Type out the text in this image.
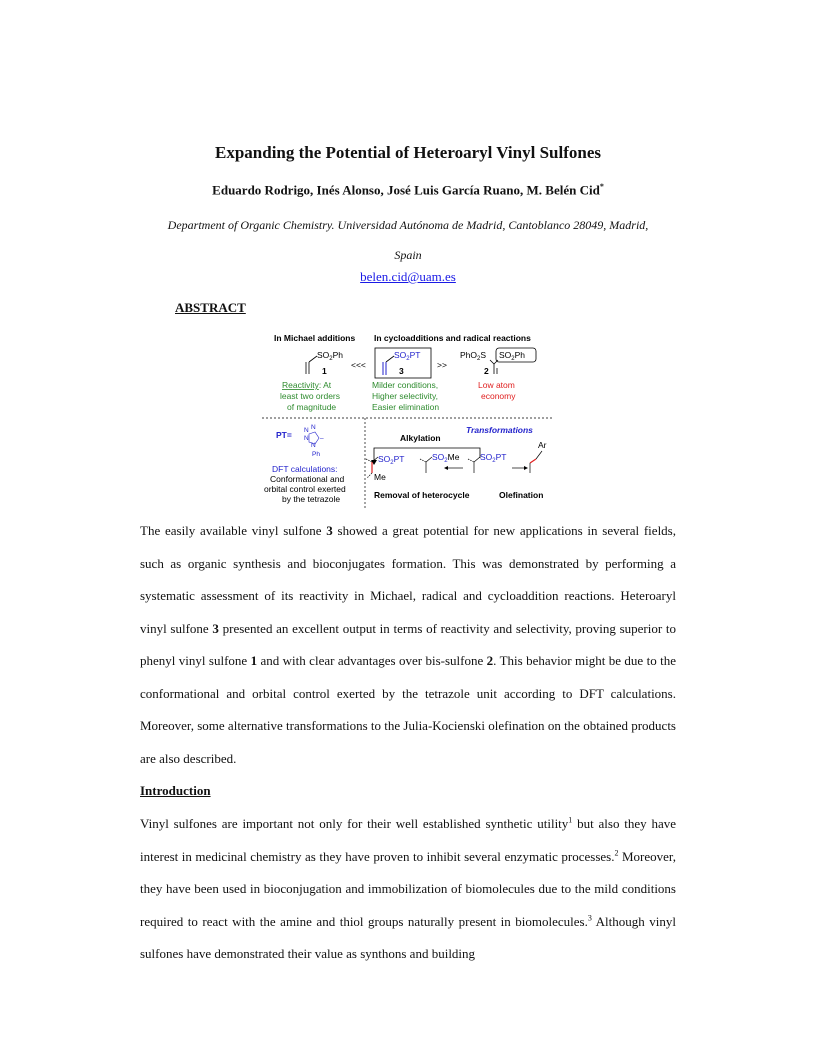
Expanding the Potential of Heteroaryl Vinyl Sulfones
Eduardo Rodrigo, Inés Alonso, José Luis García Ruano, M. Belén Cid*
Department of Organic Chemistry. Universidad Autónoma de Madrid, Cantoblanco 28049, Madrid,
Spain
belen.cid@uam.es
ABSTRACT
In Michael additions In cycloadditions and radical reactions
$SO_2Ph$
1
<<<
$SO_2PT$
3
>>
PhO$_2$S $SO_2Ph$
2
Reactivity: At
least two orders
of magnitude
Milder conditions,
Higher selectivity,
Easier elimination
Low atom
economy
PT= N N
N
N
–
Ph
DFT calculations:
Conformational and
orbital control exerted
by the tetrazole
Transformations
Alkylation
$SO_2PT$
Me
$SO_2Me$ $SO_2PT$
Ar
Removal of heterocycle	Olefination

The easily available vinyl sulfone 3 showed a great potential for new applications in several fields, such as organic synthesis and bioconjugates formation. This was demonstrated by performing a systematic assessment of its reactivity in Michael, radical and cycloaddition reactions. Heteroaryl vinyl sulfone 3 presented an excellent output in terms of reactivity and selectivity, proving superior to phenyl vinyl sulfone 1 and with clear advantages over bis-sulfone 2. This behavior might be due to the conformational and orbital control exerted by the tetrazole unit according to DFT calculations. Moreover, some alternative transformations to the Julia-Kocienski olefination on the obtained products are also described.

Introduction

Vinyl sulfones are important not only for their well established synthetic utility$^1$ but also they have interest in medicinal chemistry as they have proven to inhibit several enzymatic processes.$^2$ Moreover, they have been used in bioconjugation and immobilization of biomolecules due to the mild conditions required to react with the amine and thiol groups naturally present in biomolecules.$^3$ Although vinyl sulfones have demonstrated their value as synthons and building
